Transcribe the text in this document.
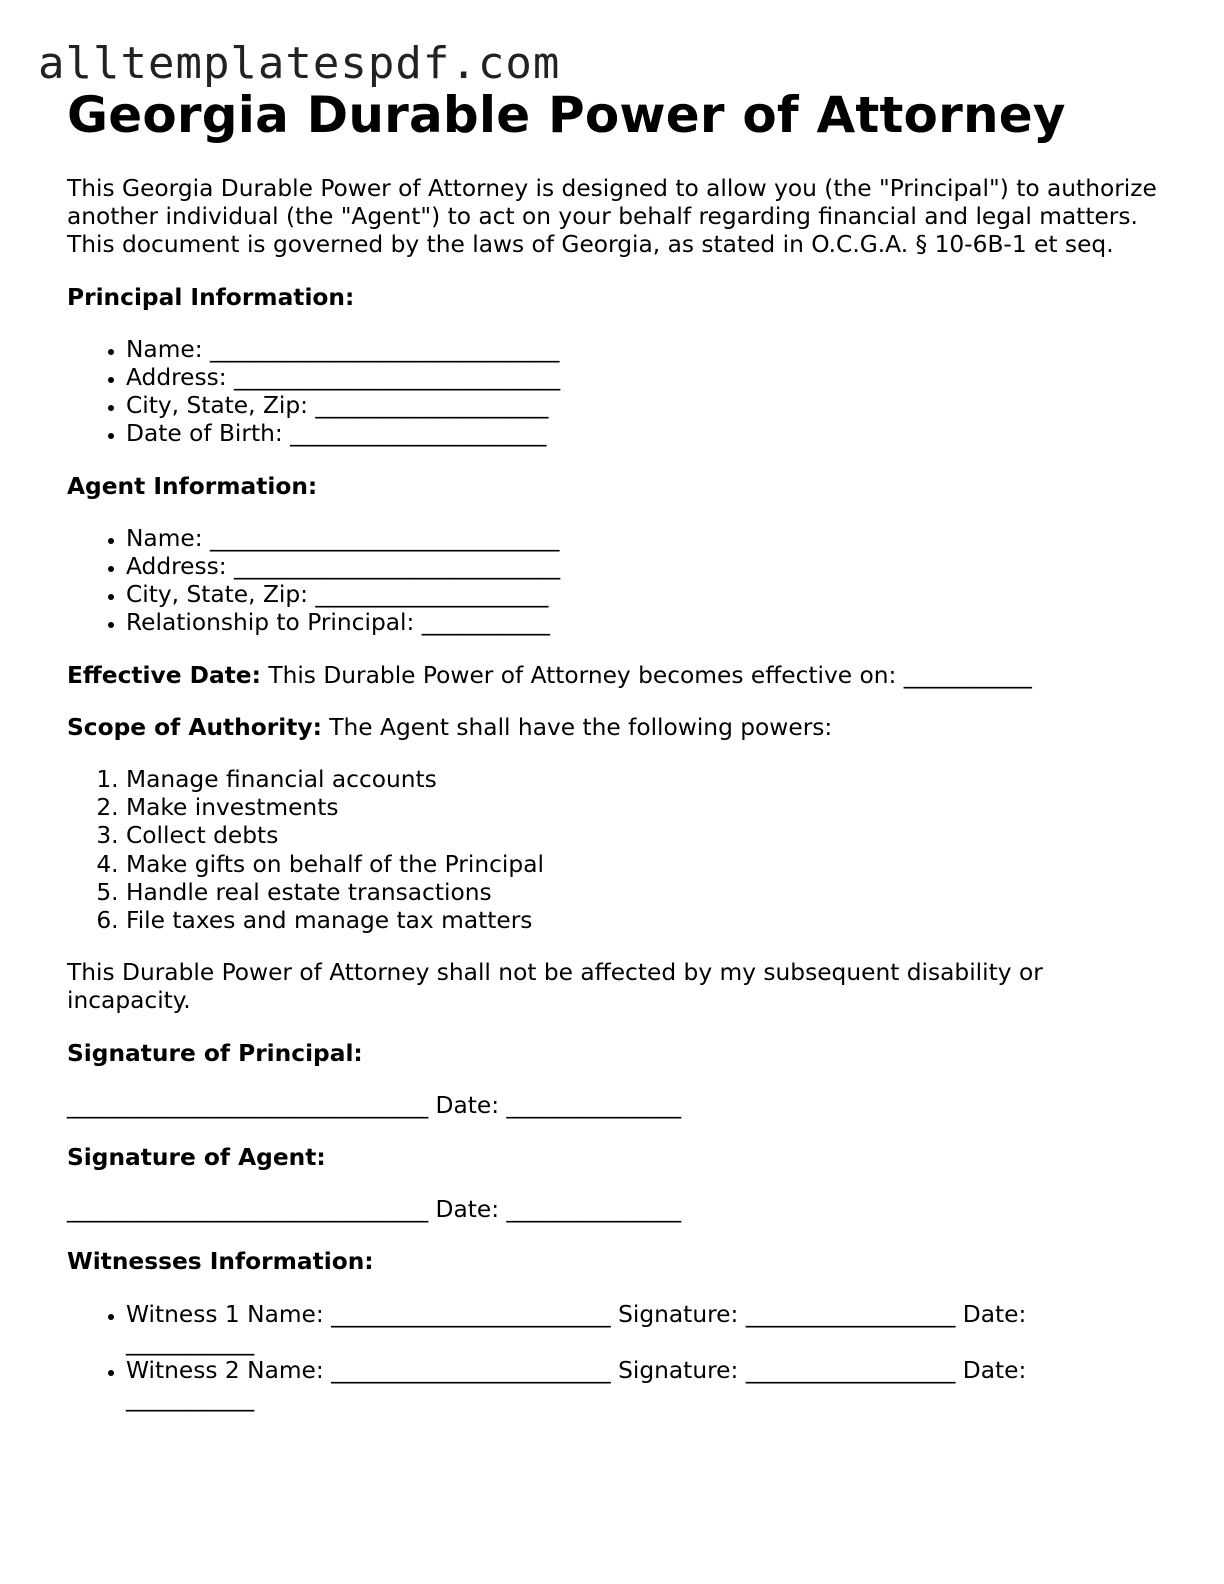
alltemplatespdf.com
Georgia Durable Power of Attorney

This Georgia Durable Power of Attorney is designed to allow you (the "Principal") to authorize another individual (the "Agent") to act on your behalf regarding financial and legal matters. This document is governed by the laws of Georgia, as stated in O.C.G.A. § 10-6B-1 et seq.

Principal Information:

• Name: ______________________________
• Address: ____________________________
• City, State, Zip: ____________________
• Date of Birth: ______________________

Agent Information:

• Name: ______________________________
• Address: ____________________________
• City, State, Zip: ____________________
• Relationship to Principal: ___________

Effective Date: This Durable Power of Attorney becomes effective on: ___________

Scope of Authority: The Agent shall have the following powers:

1. Manage financial accounts
2. Make investments
3. Collect debts
4. Make gifts on behalf of the Principal
5. Handle real estate transactions
6. File taxes and manage tax matters

This Durable Power of Attorney shall not be affected by my subsequent disability or incapacity.

Signature of Principal:

_______________________________ Date: _______________

Signature of Agent:

_______________________________ Date: _______________

Witnesses Information:

• Witness 1 Name: ________________________ Signature: __________________ Date: ___________
• Witness 2 Name: ________________________ Signature: __________________ Date: ___________
